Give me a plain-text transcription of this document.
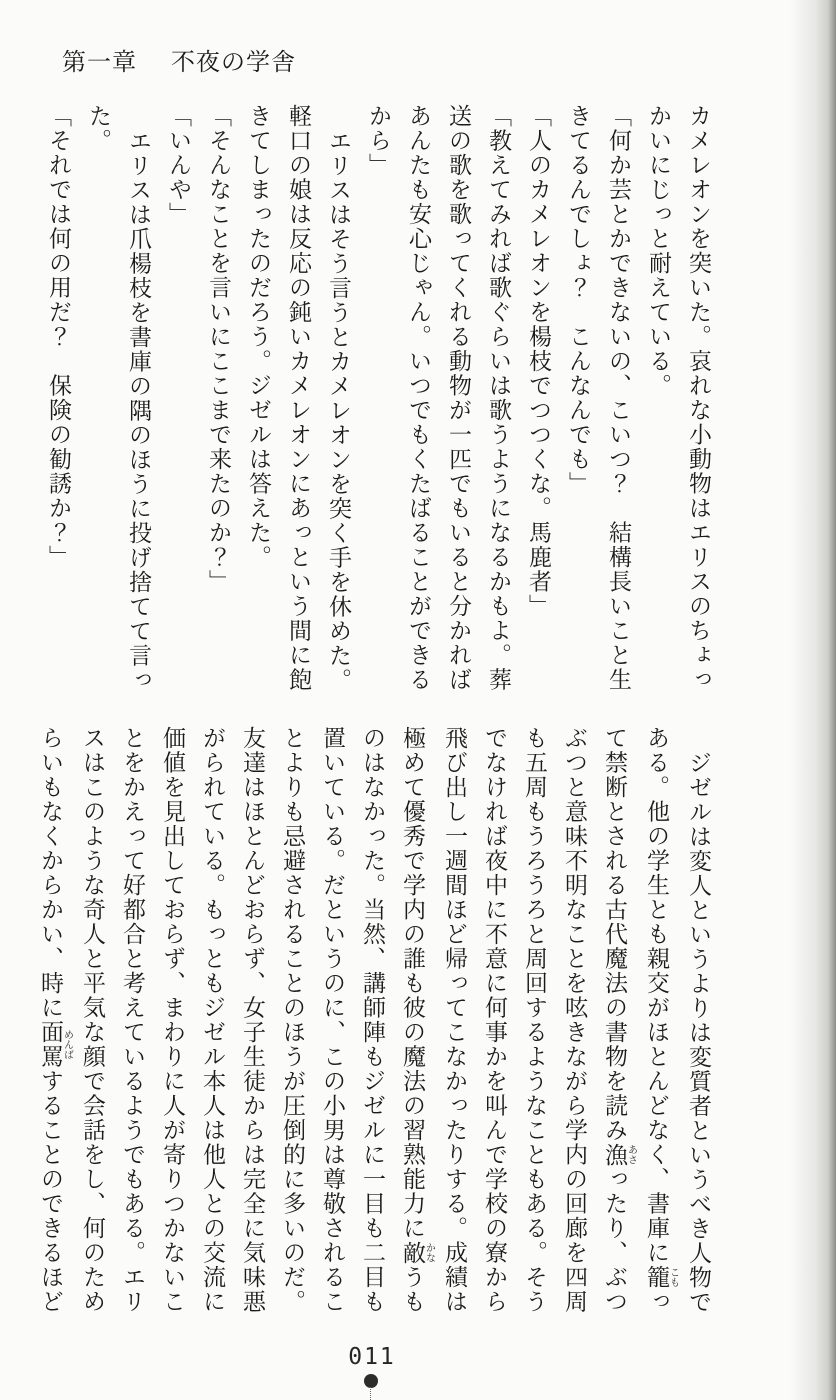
第一章 不夜の学舎

カメレオンを突いた。哀れな小動物はエリスのちょっ

かいにじっと耐えている。

「何か芸とかできないの、こいつ？　結構長いこと生

きてるんでしょ？　こんなんでも」

「人のカメレオンを楊枝でつつくな。馬鹿者」

「教えてみれば歌ぐらいは歌うようになるかもよ。葬

送の歌を歌ってくれる動物が一匹でもいると分かれば

あんたも安心じゃん。いつでもくたばることができる

から」

エリスはそう言うとカメレオンを突く手を休めた。

軽口の娘は反応の鈍いカメレオンにあっという間に飽

きてしまったのだろう。ジゼルは答えた。

「そんなことを言いにここまで来たのか？」

「いんや」

エリスは爪楊枝を書庫の隅のほうに投げ捨てて言っ

た。

「それでは何の用だ？　保険の勧誘か？」

ジゼルは変人というよりは変質者というべき人物で

ある。他の学生とも親交がほとんどなく、書庫に籠こもっ

て禁断とされる古代魔法の書物を読み漁あさったり、ぶつ

ぶつと意味不明なことを呟きながら学内の回廊を四周

も五周もうろうろと周回するようなこともある。そう

でなければ夜中に不意に何事かを叫んで学校の寮から

飛び出し一週間ほど帰ってこなかったりする。成績は

極めて優秀で学内の誰も彼の魔法の習熟能力に敵かなうも

のはなかった。当然、講師陣もジゼルに一目も二目も

置いている。だというのに、この小男は尊敬されるこ

とよりも忌避されることのほうが圧倒的に多いのだ。

友達はほとんどおらず、女子生徒からは完全に気味悪

がられている。もっともジゼル本人は他人との交流に

価値を見出しておらず、まわりに人が寄りつかないこ

とをかえって好都合と考えているようでもある。エリ

スはこのような奇人と平気な顔で会話をし、何のため

らいもなくからかい、時に面罵めんばすることのできるほど

011
